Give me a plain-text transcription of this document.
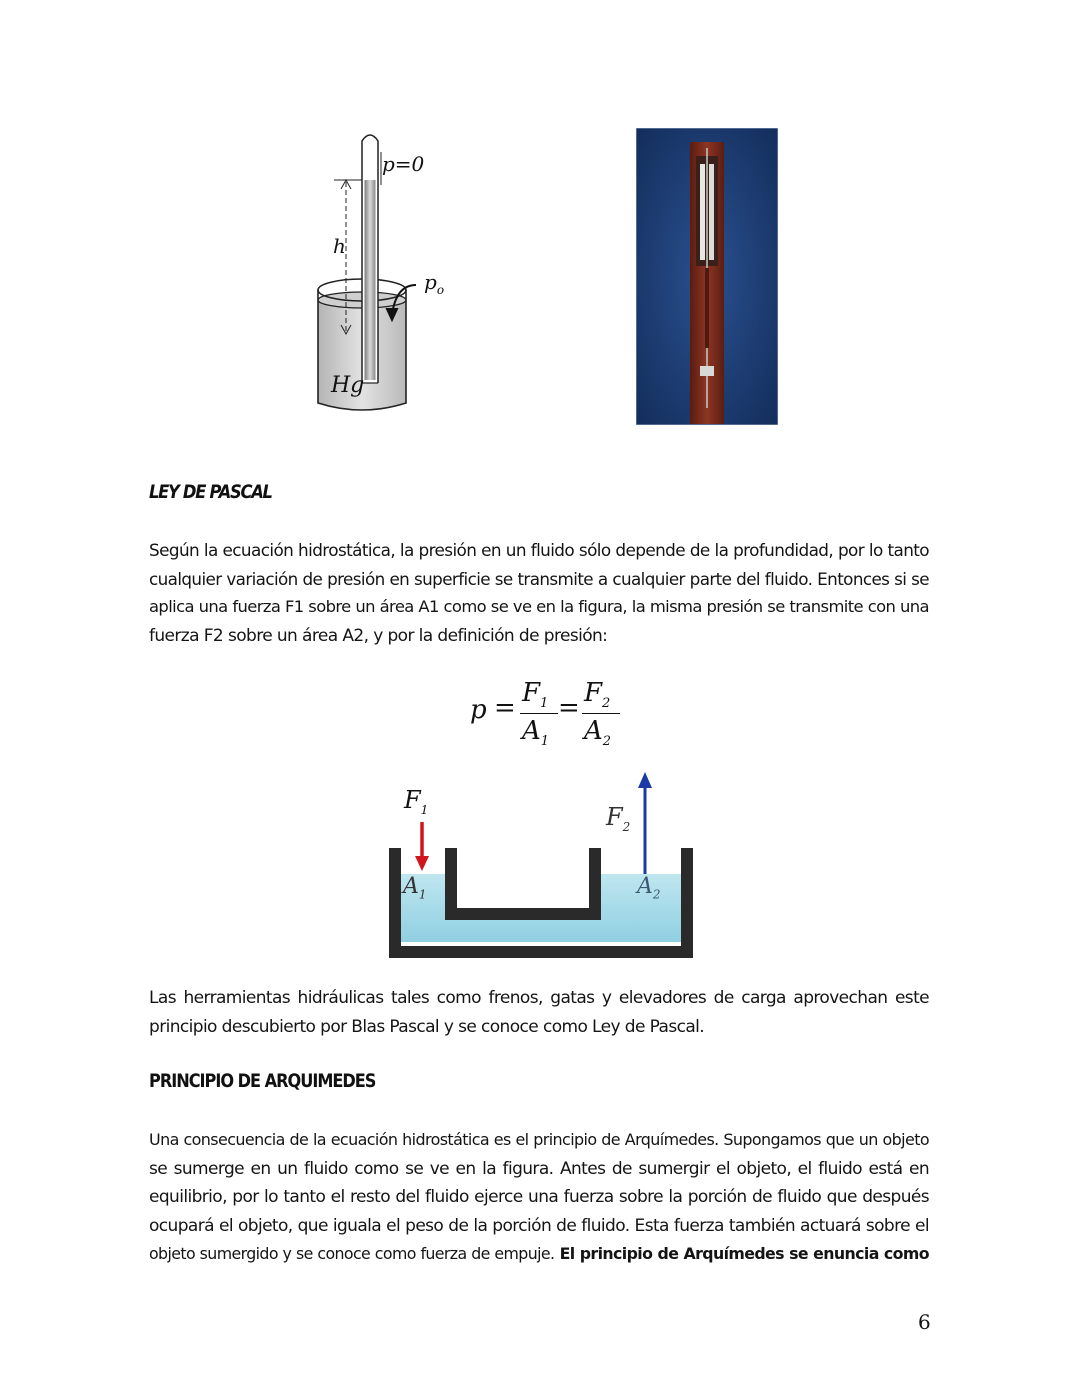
p=0
h
$p_o$
Hg
LEY DE PASCAL
Según la ecuación hidrostática, la presión en un fluido sólo depende de la profundidad, por lo tanto
cualquier variación de presión en superficie se transmite a cualquier parte del fluido. Entonces si se
aplica una fuerza F1 sobre un área A1 como se ve en la figura, la misma presión se transmite con una
fuerza F2 sobre un área A2, y por la definición de presión:
$p = F_1$
$A_1$
= $F_2$
$A_2$
$F_1$	$F_2$
$A_1$	$A_2$
Las herramientas hidráulicas tales como frenos, gatas y elevadores de carga aprovechan este
principio descubierto por Blas Pascal y se conoce como Ley de Pascal.
PRINCIPIO DE ARQUIMEDES
Una consecuencia de la ecuación hidrostática es el principio de Arquímedes. Supongamos que un objeto
se sumerge en un fluido como se ve en la figura. Antes de sumergir el objeto, el fluido está en
equilibrio, por lo tanto el resto del fluido ejerce una fuerza sobre la porción de fluido que después
ocupará el objeto, que iguala el peso de la porción de fluido. Esta fuerza también actuará sobre el
objeto sumergido y se conoce como fuerza de empuje. El principio de Arquímedes se enuncia como
6
